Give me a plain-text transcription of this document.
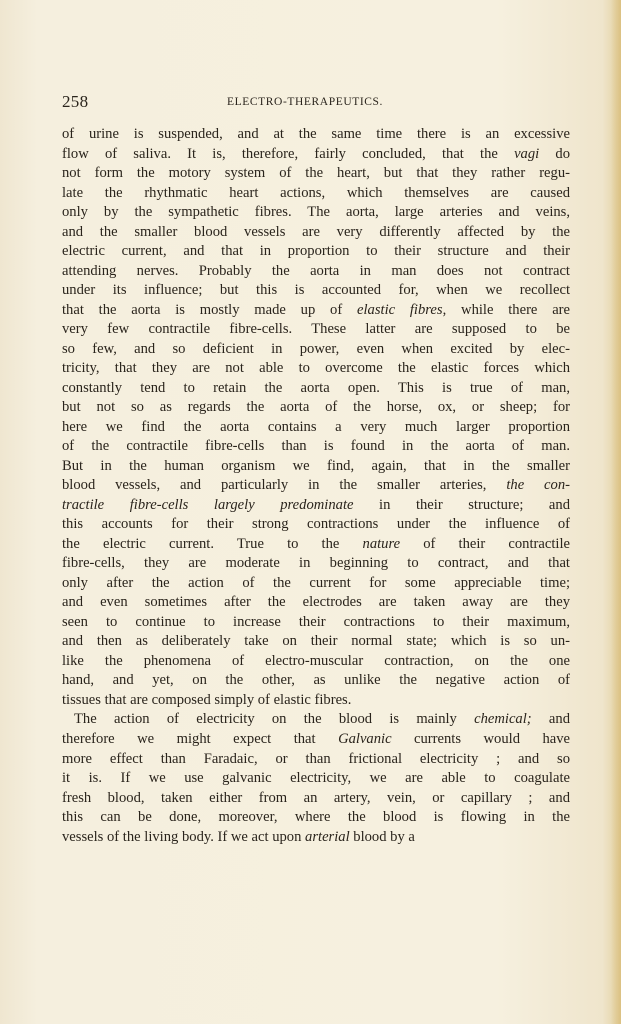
258	ELECTRO-THERAPEUTICS.
of urine is suspended, and at the same time there is an excessive
flow of saliva. It is, therefore, fairly concluded, that the vagi do
not form the motory system of the heart, but that they rather regu-
late the rhythmatic heart actions, which themselves are caused
only by the sympathetic fibres. The aorta, large arteries and veins,
and the smaller blood vessels are very differently affected by the
electric current, and that in proportion to their structure and their
attending nerves. Probably the aorta in man does not contract
under its influence; but this is accounted for, when we recollect
that the aorta is mostly made up of elastic fibres, while there are
very few contractile fibre-cells. These latter are supposed to be
so few, and so deficient in power, even when excited by elec-
tricity, that they are not able to overcome the elastic forces which
constantly tend to retain the aorta open. This is true of man,
but not so as regards the aorta of the horse, ox, or sheep; for
here we find the aorta contains a very much larger proportion
of the contractile fibre-cells than is found in the aorta of man.
But in the human organism we find, again, that in the smaller
blood vessels, and particularly in the smaller arteries, the con-
tractile fibre-cells largely predominate in their structure; and
this accounts for their strong contractions under the influence of
the electric current. True to the nature of their contractile
fibre-cells, they are moderate in beginning to contract, and that
only after the action of the current for some appreciable time;
and even sometimes after the electrodes are taken away are they
seen to continue to increase their contractions to their maximum,
and then as deliberately take on their normal state; which is so un-
like the phenomena of electro-muscular contraction, on the one
hand, and yet, on the other, as unlike the negative action of
tissues that are composed simply of elastic fibres.
The action of electricity on the blood is mainly chemical; and
therefore we might expect that Galvanic currents would have
more effect than Faradaic, or than frictional electricity ; and so
it is. If we use galvanic electricity, we are able to coagulate
fresh blood, taken either from an artery, vein, or capillary ; and
this can be done, moreover, where the blood is flowing in the
vessels of the living body. If we act upon arterial blood by a
